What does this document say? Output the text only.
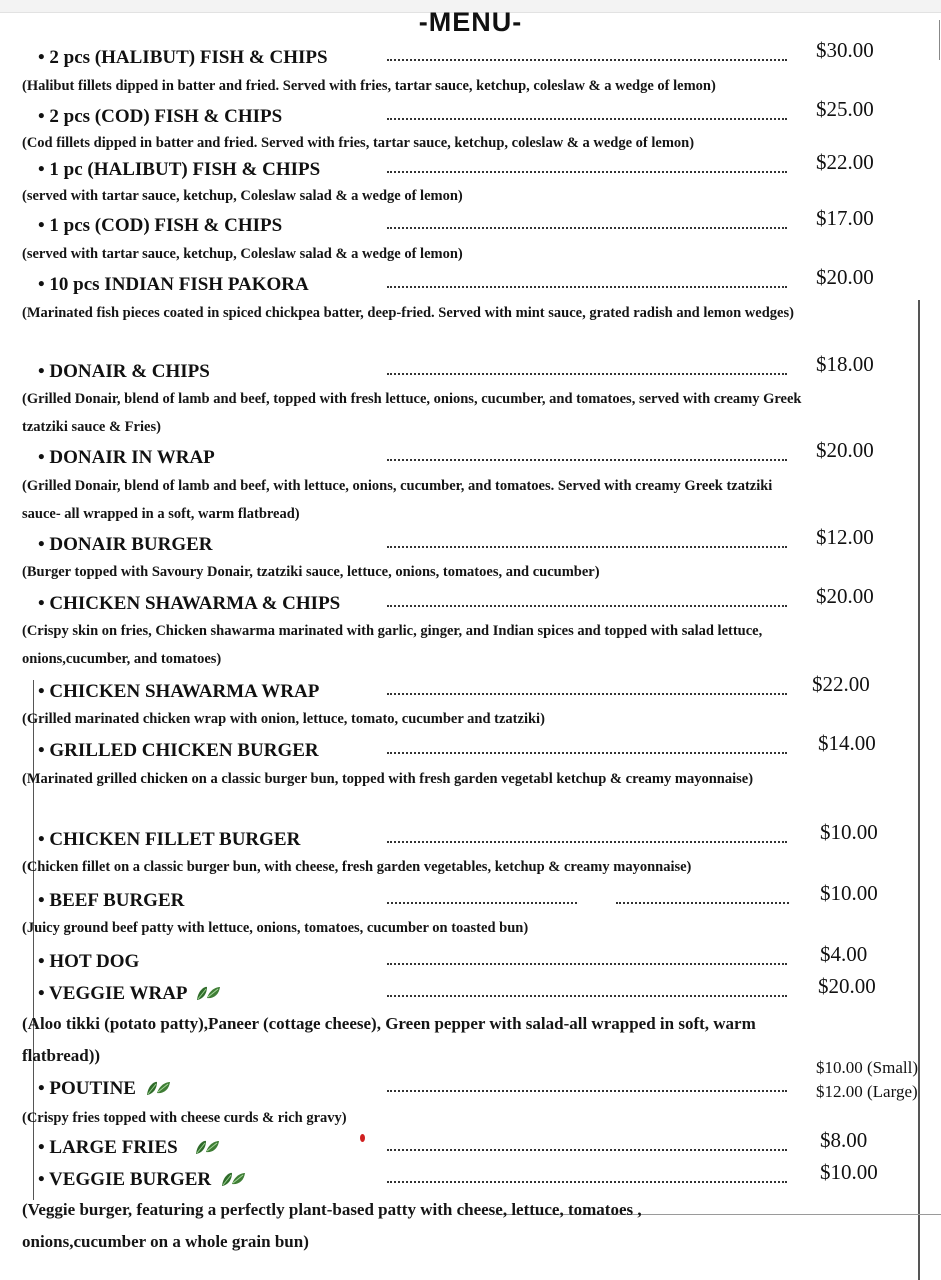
-MENU-
• 2 pcs (HALIBUT) FISH & CHIPS	$30.00
(Halibut fillets dipped in batter and fried. Served with fries, tartar sauce, ketchup, coleslaw & a wedge of lemon)
• 2 pcs (COD) FISH & CHIPS	$25.00
(Cod fillets dipped in batter and fried. Served with fries, tartar sauce, ketchup, coleslaw & a wedge of lemon)
• 1 pc (HALIBUT) FISH & CHIPS	$22.00
(served with tartar sauce, ketchup, Coleslaw salad & a wedge of lemon)
• 1 pcs (COD) FISH & CHIPS	$17.00
(served with tartar sauce, ketchup, Coleslaw salad & a wedge of lemon)
• 10 pcs INDIAN FISH PAKORA	$20.00
(Marinated fish pieces coated in spiced chickpea batter, deep-fried. Served with mint sauce, grated radish and lemon wedges)
• DONAIR & CHIPS	$18.00
(Grilled Donair, blend of lamb and beef, topped with fresh lettuce, onions, cucumber, and tomatoes, served with creamy Greek tzatziki sauce & Fries)
• DONAIR IN WRAP	$20.00
(Grilled Donair, blend of lamb and beef, with lettuce, onions, cucumber, and tomatoes. Served with creamy Greek tzatziki sauce- all wrapped in a soft, warm flatbread)
• DONAIR BURGER	$12.00
(Burger topped with Savoury Donair, tzatziki sauce, lettuce, onions, tomatoes, and cucumber)
• CHICKEN SHAWARMA & CHIPS	$20.00
(Crispy skin on fries, Chicken shawarma marinated with garlic, ginger, and Indian spices and topped with salad lettuce, onions,cucumber, and tomatoes)
• CHICKEN SHAWARMA WRAP	$22.00
(Grilled marinated chicken wrap with onion, lettuce, tomato, cucumber and tzatziki)
• GRILLED CHICKEN BURGER	$14.00
(Marinated grilled chicken on a classic burger bun, topped with fresh garden vegetabl ketchup & creamy mayonnaise)
• CHICKEN FILLET BURGER	$10.00
(Chicken fillet on a classic burger bun, with cheese, fresh garden vegetables, ketchup & creamy mayonnaise)
• BEEF BURGER	$10.00
(Juicy ground beef patty with lettuce, onions, tomatoes, cucumber on toasted bun)
• HOT DOG	$4.00
• VEGGIE WRAP	$20.00
(Aloo tikki (potato patty),Paneer (cottage cheese), Green pepper with salad-all wrapped in soft, warm flatbread))
• POUTINE
$10.00 (Small)
$12.00 (Large)
(Crispy fries topped with cheese curds & rich gravy)
• LARGE FRIES	$8.00
• VEGGIE BURGER	$10.00
(Veggie burger, featuring a perfectly plant-based patty with cheese, lettuce, tomatoes , onions,cucumber on a whole grain bun)
